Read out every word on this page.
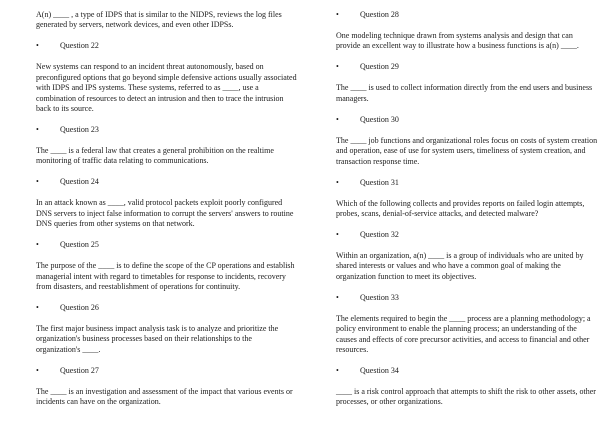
A(n) ____ , a type of IDPS that is similar to the NIDPS, reviews the log files generated by servers, network devices, and even other IDPSs.

•	Question 22

New systems can respond to an incident threat autonomously, based on preconfigured options that go beyond simple defensive actions usually associated with IDPS and IPS systems. These systems, referred to as ____, use a combination of resources to detect an intrusion and then to trace the intrusion back to its source.

•	Question 23

The ____ is a federal law that creates a general prohibition on the realtime monitoring of traffic data relating to communications.

•	Question 24

In an attack known as ____, valid protocol packets exploit poorly configured DNS servers to inject false information to corrupt the servers' answers to routine DNS queries from other systems on that network.

•	Question 25

The purpose of the ____ is to define the scope of the CP operations and establish managerial intent with regard to timetables for response to incidents, recovery from disasters, and reestablishment of operations for continuity.

•	Question 26

The first major business impact analysis task is to analyze and prioritize the organization's business processes based on their relationships to the organization's ____.

•	Question 27

The ____ is an investigation and assessment of the impact that various events or incidents can have on the organization.

•	Question 28

One modeling technique drawn from systems analysis and design that can provide an excellent way to illustrate how a business functions is a(n) ____.

•	Question 29

The ____ is used to collect information directly from the end users and business managers.

•	Question 30

The ____ job functions and organizational roles focus on costs of system creation and operation, ease of use for system users, timeliness of system creation, and transaction response time.

•	Question 31

Which of the following collects and provides reports on failed login attempts, probes, scans, denial-of-service attacks, and detected malware?

•	Question 32

Within an organization, a(n) ____ is a group of individuals who are united by shared interests or values and who have a common goal of making the organization function to meet its objectives.

•	Question 33

The elements required to begin the ____ process are a planning methodology; a policy environment to enable the planning process; an understanding of the causes and effects of core precursor activities, and access to financial and other resources.

•	Question 34

____ is a risk control approach that attempts to shift the risk to other assets, other processes, or other organizations.
